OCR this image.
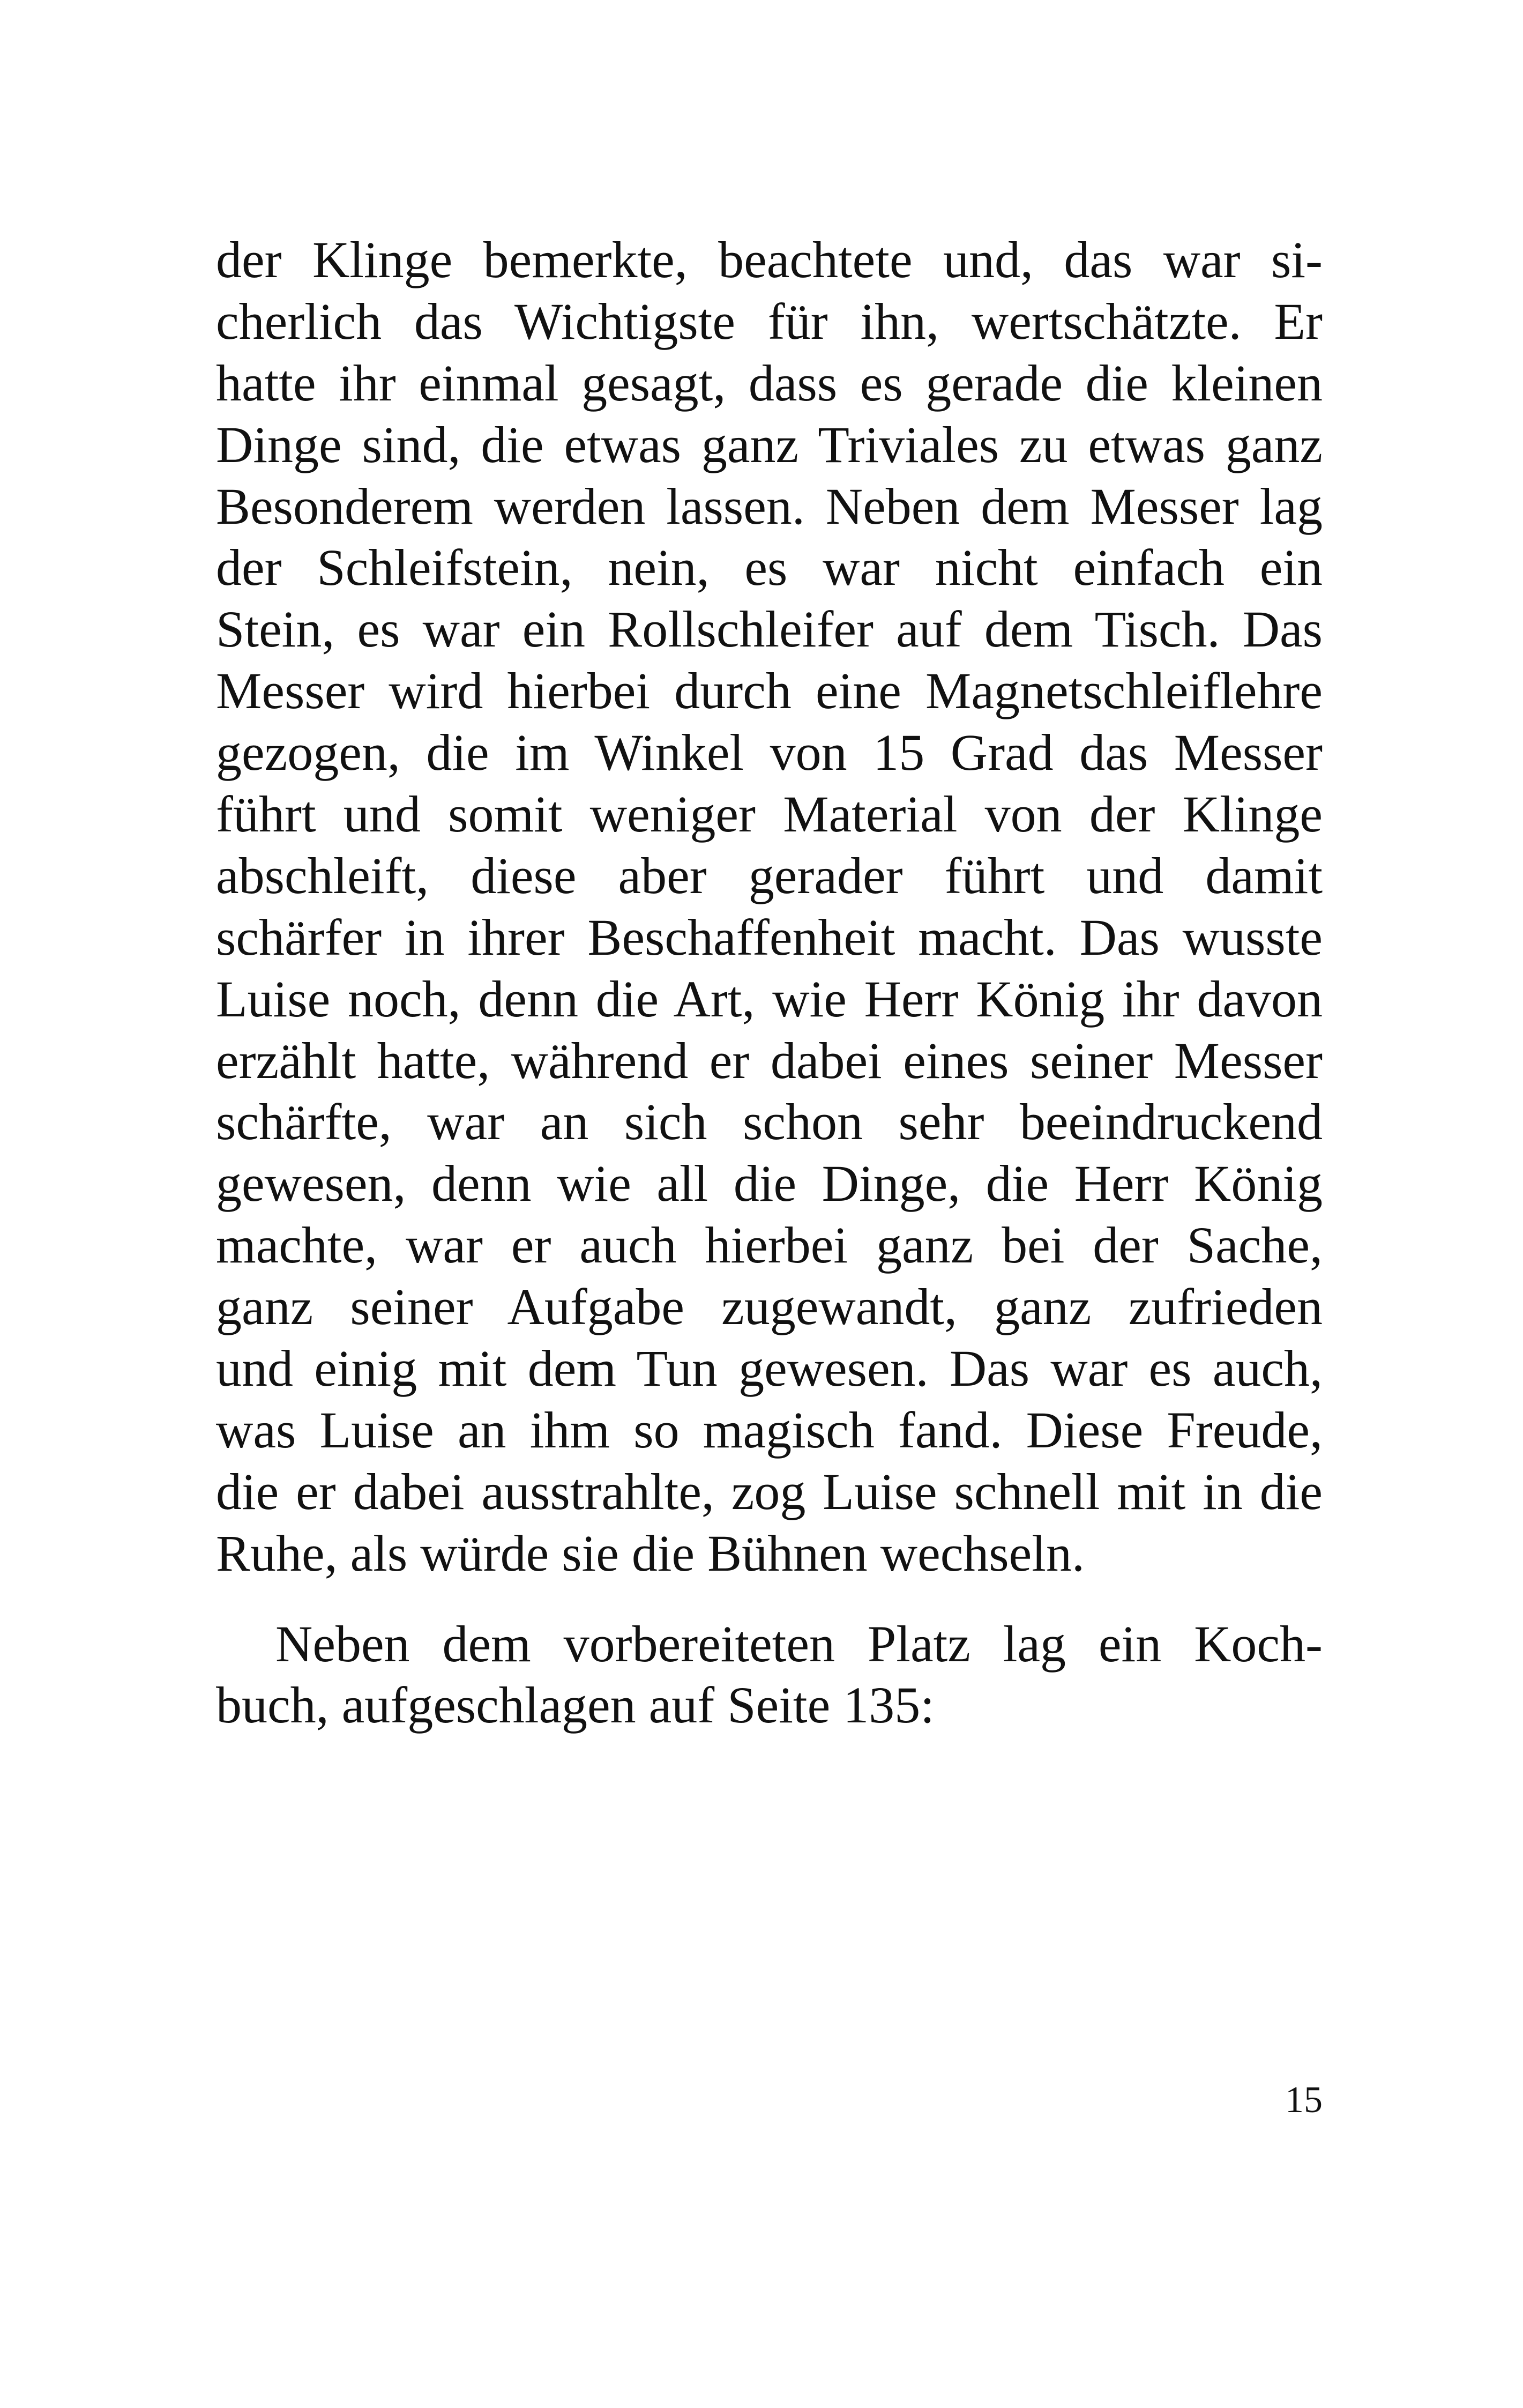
der Klinge bemerkte, beachtete und, das war si-
cherlich das Wichtigste für ihn, wertschätzte. Er
hatte ihr einmal gesagt, dass es gerade die kleinen
Dinge sind, die etwas ganz Triviales zu etwas ganz
Besonderem werden lassen. Neben dem Messer lag
der Schleifstein, nein, es war nicht einfach ein
Stein, es war ein Rollschleifer auf dem Tisch. Das
Messer wird hierbei durch eine Magnetschleiflehre
gezogen, die im Winkel von 15 Grad das Messer
führt und somit weniger Material von der Klinge
abschleift, diese aber gerader führt und damit
schärfer in ihrer Beschaffenheit macht. Das wusste
Luise noch, denn die Art, wie Herr König ihr davon
erzählt hatte, während er dabei eines seiner Messer
schärfte, war an sich schon sehr beeindruckend
gewesen, denn wie all die Dinge, die Herr König
machte, war er auch hierbei ganz bei der Sache,
ganz seiner Aufgabe zugewandt, ganz zufrieden
und einig mit dem Tun gewesen. Das war es auch,
was Luise an ihm so magisch fand. Diese Freude,
die er dabei ausstrahlte, zog Luise schnell mit in die
Ruhe, als würde sie die Bühnen wechseln.
Neben dem vorbereiteten Platz lag ein Koch-
buch, aufgeschlagen auf Seite 135:
15
